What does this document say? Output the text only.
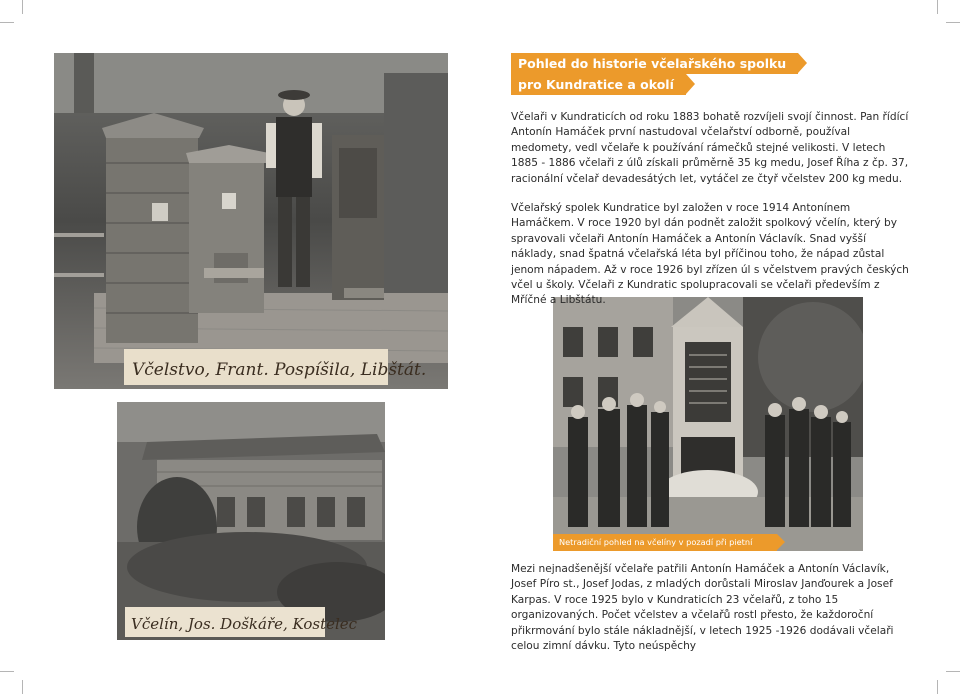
Včelstvo, Frant. Pospíšila, Libštát.
Včelín, Jos. Doškáře, Kostelec
Netradiční pohled na včelíny v pozadí při pietní slavnosti
Pohled do historie včelařského spolku
pro Kundratice a okolí

Včelaři v Kundraticích od roku 1883 bohatě rozvíjeli svojí činnost. Pan řídící Antonín Hamáček první nastudoval včelařství odborně, používal medomety, vedl včelaře k používání rámečků stejné velikosti. V letech 1885 - 1886 včelaři z úlů získali průměrně 35 kg medu, Josef Říha z čp. 37, racionální včelař devadesátých let, vytáčel ze čtyř včelstev 200 kg medu.

Včelařský spolek Kundratice byl založen v roce 1914 Antonínem Hamáčkem. V roce 1920 byl dán podnět založit spolkový včelín, který by spravovali včelaři Antonín Hamáček a Antonín Václavík. Snad vyšší náklady, snad špatná včelařská léta byl příčinou toho, že nápad zůstal jenom nápadem. Až v roce 1926 byl zřízen úl s včelstvem pravých českých včel u školy. Včelaři z Kundratic spolupracovali se včelaři především z Mříčné a Libštátu.

Mezi nejnadšenější včelaře patřili Antonín Hamáček a Antonín Václavík, Josef Píro st., Josef Jodas, z mladých dorůstali Miroslav Janďourek a Josef Karpas. V roce 1925 bylo v Kundraticích 23 včelařů, z toho 15 organizovaných. Počet včelstev a včelařů rostl přesto, že každoroční přikrmování bylo stále nákladnější, v letech 1925 -1926 dodávali včelaři celou zimní dávku. Tyto neúspěchy
